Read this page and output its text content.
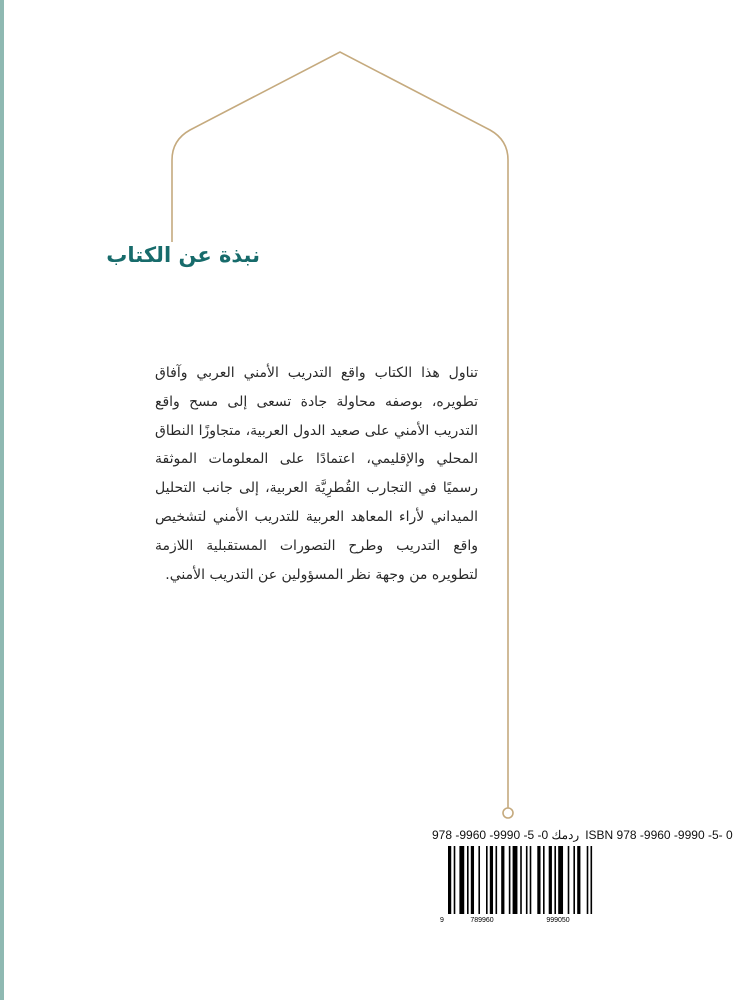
نبذة عن الكتاب
تناول هذا الكتاب واقع التدريب الأمني العربي وآفاق تطويره، بوصفه محاولة جادة تسعى إلى مسح واقع التدريب الأمني على صعيد الدول العربية، متجاوزًا النطاق المحلي والإقليمي، اعتمادًا على المعلومات الموثقة رسميًا في التجارب القُطرِيَّة العربية، إلى جانب التحليل الميداني لأراء المعاهد العربية للتدريب الأمني لتشخيص واقع التدريب وطرح التصورات المستقبلية اللازمة لتطويره من وجهة نظر المسؤولين عن التدريب الأمني.
ردمك 0- 5- 9990- 9960- 978 ISBN 978 -9960 -9990 -5- 0
9	789960	999050
